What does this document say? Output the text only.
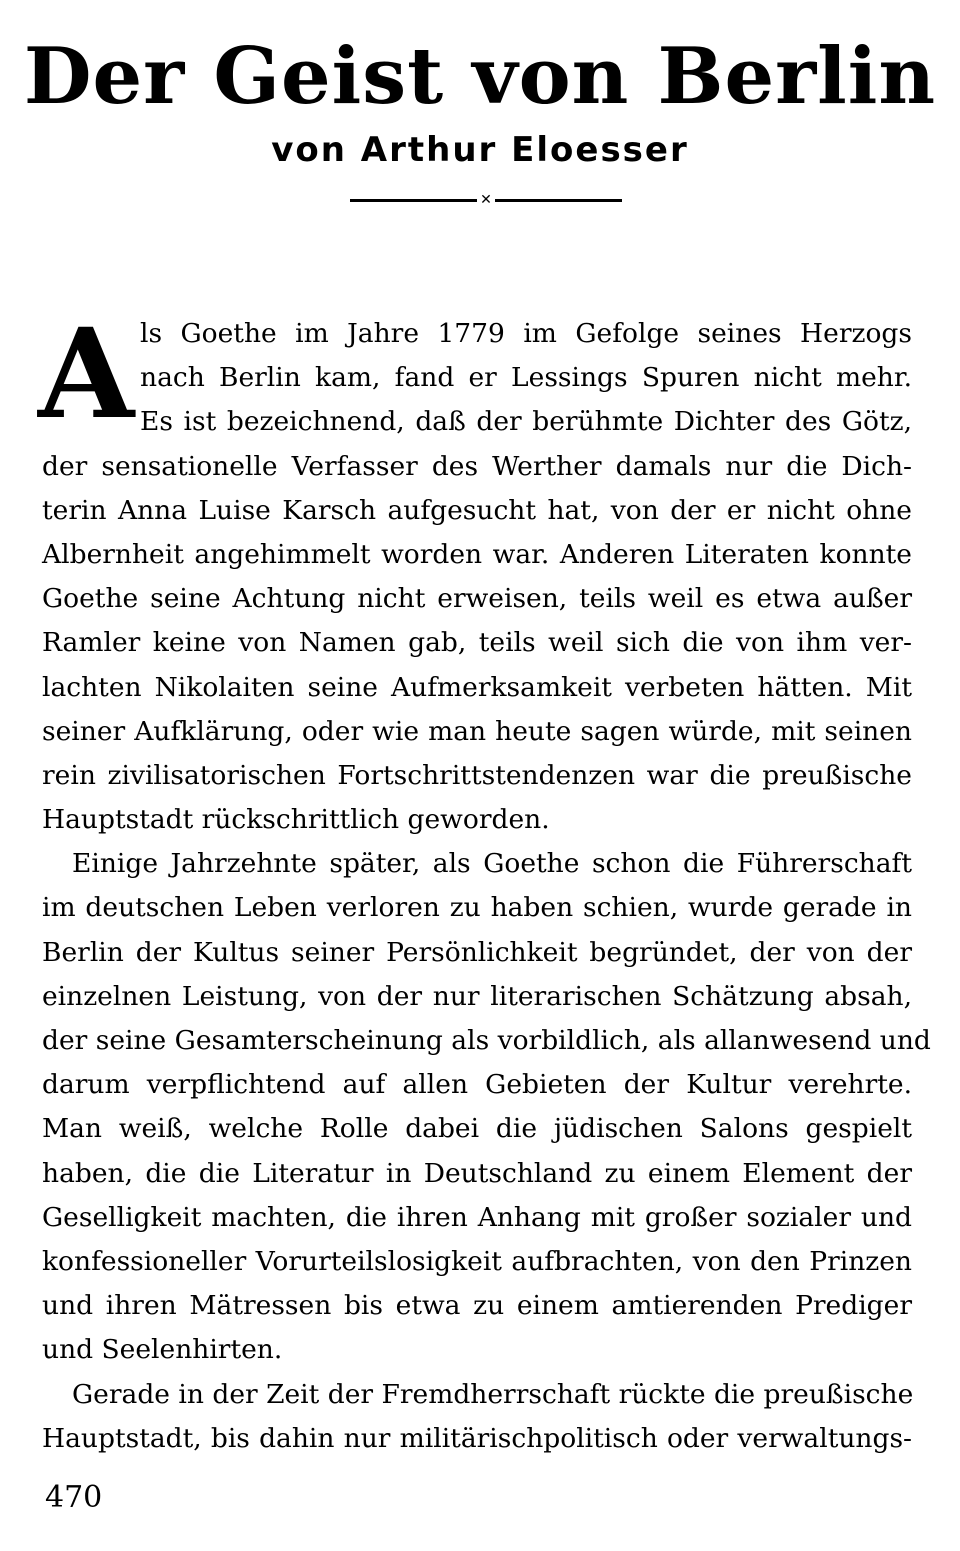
Der Geist von Berlin
von Arthur Eloesser
✕
A ls Goethe im Jahre 1779 im Gefolge seines Herzogs
nach Berlin kam, fand er Lessings Spuren nicht mehr.
Es ist bezeichnend, daß der berühmte Dichter des Götz,
der sensationelle Verfasser des Werther damals nur die Dich-
terin Anna Luise Karsch aufgesucht hat, von der er nicht ohne
Albernheit angehimmelt worden war. Anderen Literaten konnte
Goethe seine Achtung nicht erweisen, teils weil es etwa außer
Ramler keine von Namen gab, teils weil sich die von ihm ver-
lachten Nikolaiten seine Aufmerksamkeit verbeten hätten. Mit
seiner Aufklärung, oder wie man heute sagen würde, mit seinen
rein zivilisatorischen Fortschrittstendenzen war die preußische
Hauptstadt rückschrittlich geworden.
Einige Jahrzehnte später, als Goethe schon die Führerschaft
im deutschen Leben verloren zu haben schien, wurde gerade in
Berlin der Kultus seiner Persönlichkeit begründet, der von der
einzelnen Leistung, von der nur literarischen Schätzung absah,
der seine Gesamterscheinung als vorbildlich, als allanwesend und
darum verpflichtend auf allen Gebieten der Kultur verehrte.
Man weiß, welche Rolle dabei die jüdischen Salons gespielt
haben, die die Literatur in Deutschland zu einem Element der
Geselligkeit machten, die ihren Anhang mit großer sozialer und
konfessioneller Vorurteilslosigkeit aufbrachten, von den Prinzen
und ihren Mätressen bis etwa zu einem amtierenden Prediger
und Seelenhirten.
Gerade in der Zeit der Fremdherrschaft rückte die preußische
Hauptstadt, bis dahin nur militärischpolitisch oder verwaltungs-
470
